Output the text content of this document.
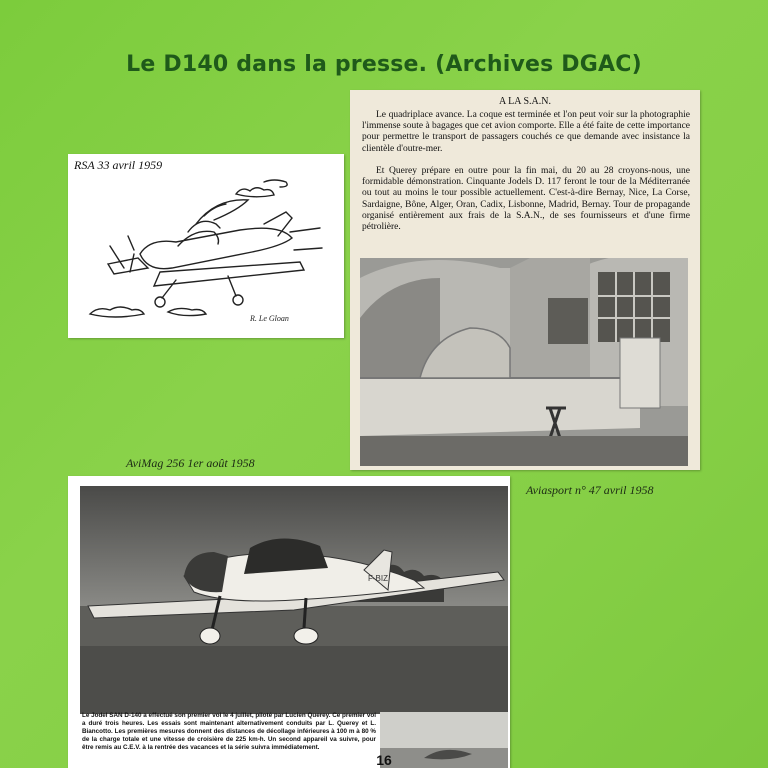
Le D140 dans la presse. (Archives DGAC)
RSA 33 avril 1959
R. Le Gloan
A LA S.A.N.
Le quadriplace avance. La coque est terminée et l'on peut voir sur la photographie l'immense soute à bagages que cet avion comporte. Elle a été faite de cette importance pour permettre le transport de passagers couchés ce que demande avec insistance la clientèle d'outre-mer.
Et Querey prépare en outre pour la fin mai, du 20 au 28 croyons-nous, une formidable démonstration. Cinquante Jodels D. 117 feront le tour de la Méditerranée ou tout au moins le tour possible actuellement. C'est-à-dire Bernay, Nice, La Corse, Sardaigne, Bône, Alger, Oran, Cadix, Lisbonne, Madrid, Bernay. Tour de propagande organisé entièrement aux frais de la S.A.N., de ses fournisseurs et d'une firme pétrolière.
AviMag 256 1er août 1958
Aviasport n° 47 avril 1958
F-BIZ
Le Jodel SAN D-140 a effectué son premier vol le 4 juillet, piloté par Lucien Querey. Ce premier vol a duré trois heures. Les essais sont maintenant alternativement conduits par L. Querey et L. Biancotto. Les premières mesures donnent des distances de décollage inférieures à 100 m à 80 % de la charge totale et une vitesse de croisière de 225 km-h. Un second appareil va suivre, pour être remis au C.E.V. à la rentrée des vacances et la série suivra immédiatement.
16
